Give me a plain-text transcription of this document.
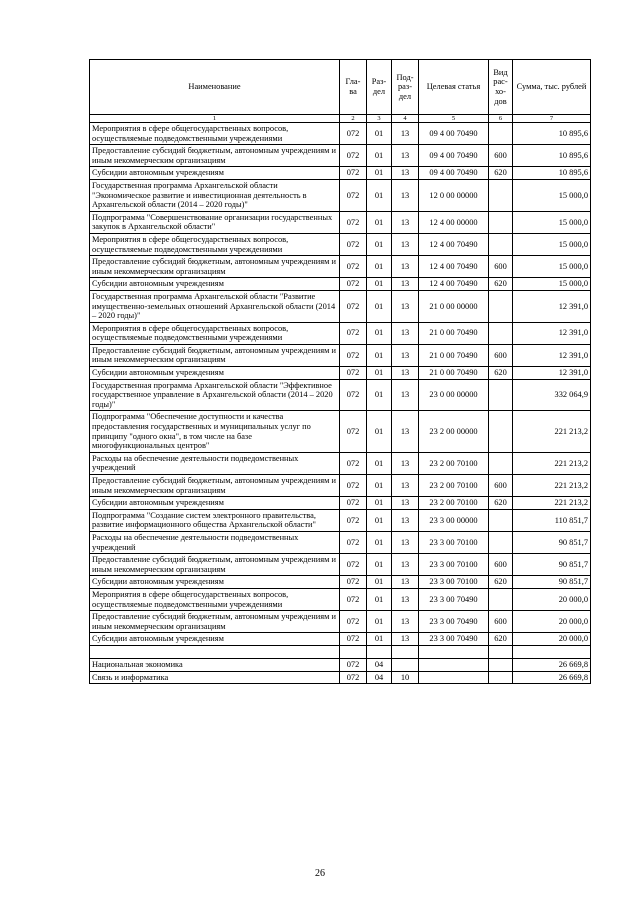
Наименование	Гла-ва	Раз-дел	Под-раз-дел	Целевая статья	Вид рас-хо-дов	Сумма, тыс. рублей
1	2	3	4	5	6	7
Мероприятия в сфере общегосударственных вопросов, осуществляемые подведомственными учреждениями	072	01	13	09 4 00 70490		10 895,6
Предоставление субсидий бюджетным, автономным учреждениям и иным некоммерческим организациям	072	01	13	09 4 00 70490	600	10 895,6
Субсидии автономным учреждениям	072	01	13	09 4 00 70490	620	10 895,6
Государственная программа Архангельской области "Экономическое развитие и инвестиционная деятельность в Архангельской области (2014 – 2020 годы)"	072	01	13	12 0 00 00000		15 000,0
Подпрограмма "Совершенствование организации государственных закупок в Архангельской области"	072	01	13	12 4 00 00000		15 000,0
Мероприятия в сфере общегосударственных вопросов, осуществляемые подведомственными учреждениями	072	01	13	12 4 00 70490		15 000,0
Предоставление субсидий бюджетным, автономным учреждениям и иным некоммерческим организациям	072	01	13	12 4 00 70490	600	15 000,0
Субсидии автономным учреждениям	072	01	13	12 4 00 70490	620	15 000,0
Государственная программа Архангельской области "Развитие имущественно-земельных отношений Архангельской области (2014 – 2020 годы)"	072	01	13	21 0 00 00000		12 391,0
Мероприятия в сфере общегосударственных вопросов, осуществляемые подведомственными учреждениями	072	01	13	21 0 00 70490		12 391,0
Предоставление субсидий бюджетным, автономным учреждениям и иным некоммерческим организациям	072	01	13	21 0 00 70490	600	12 391,0
Субсидии автономным учреждениям	072	01	13	21 0 00 70490	620	12 391,0
Государственная программа Архангельской области "Эффективное государственное управление в Архангельской области (2014 – 2020 годы)"	072	01	13	23 0 00 00000		332 064,9
Подпрограмма "Обеспечение доступности и качества предоставления государственных и муниципальных услуг по принципу "одного окна", в том числе на базе многофункциональных центров"	072	01	13	23 2 00 00000		221 213,2
Расходы на обеспечение деятельности подведомственных учреждений	072	01	13	23 2 00 70100		221 213,2
Предоставление субсидий бюджетным, автономным учреждениям и иным некоммерческим организациям	072	01	13	23 2 00 70100	600	221 213,2
Субсидии автономным учреждениям	072	01	13	23 2 00 70100	620	221 213,2
Подпрограмма "Создание систем электронного правительства, развитие информационного общества Архангельской области"	072	01	13	23 3 00 00000		110 851,7
Расходы на обеспечение деятельности подведомственных учреждений	072	01	13	23 3 00 70100		90 851,7
Предоставление субсидий бюджетным, автономным учреждениям и иным некоммерческим организациям	072	01	13	23 3 00 70100	600	90 851,7
Субсидии автономным учреждениям	072	01	13	23 3 00 70100	620	90 851,7
Мероприятия в сфере общегосударственных вопросов, осуществляемые подведомственными учреждениями	072	01	13	23 3 00 70490		20 000,0
Предоставление субсидий бюджетным, автономным учреждениям и иным некоммерческим организациям	072	01	13	23 3 00 70490	600	20 000,0
Субсидии автономным учреждениям	072	01	13	23 3 00 70490	620	20 000,0

Национальная экономика	072	04				26 669,8
Связь и информатика	072	04	10			26 669,8
26
